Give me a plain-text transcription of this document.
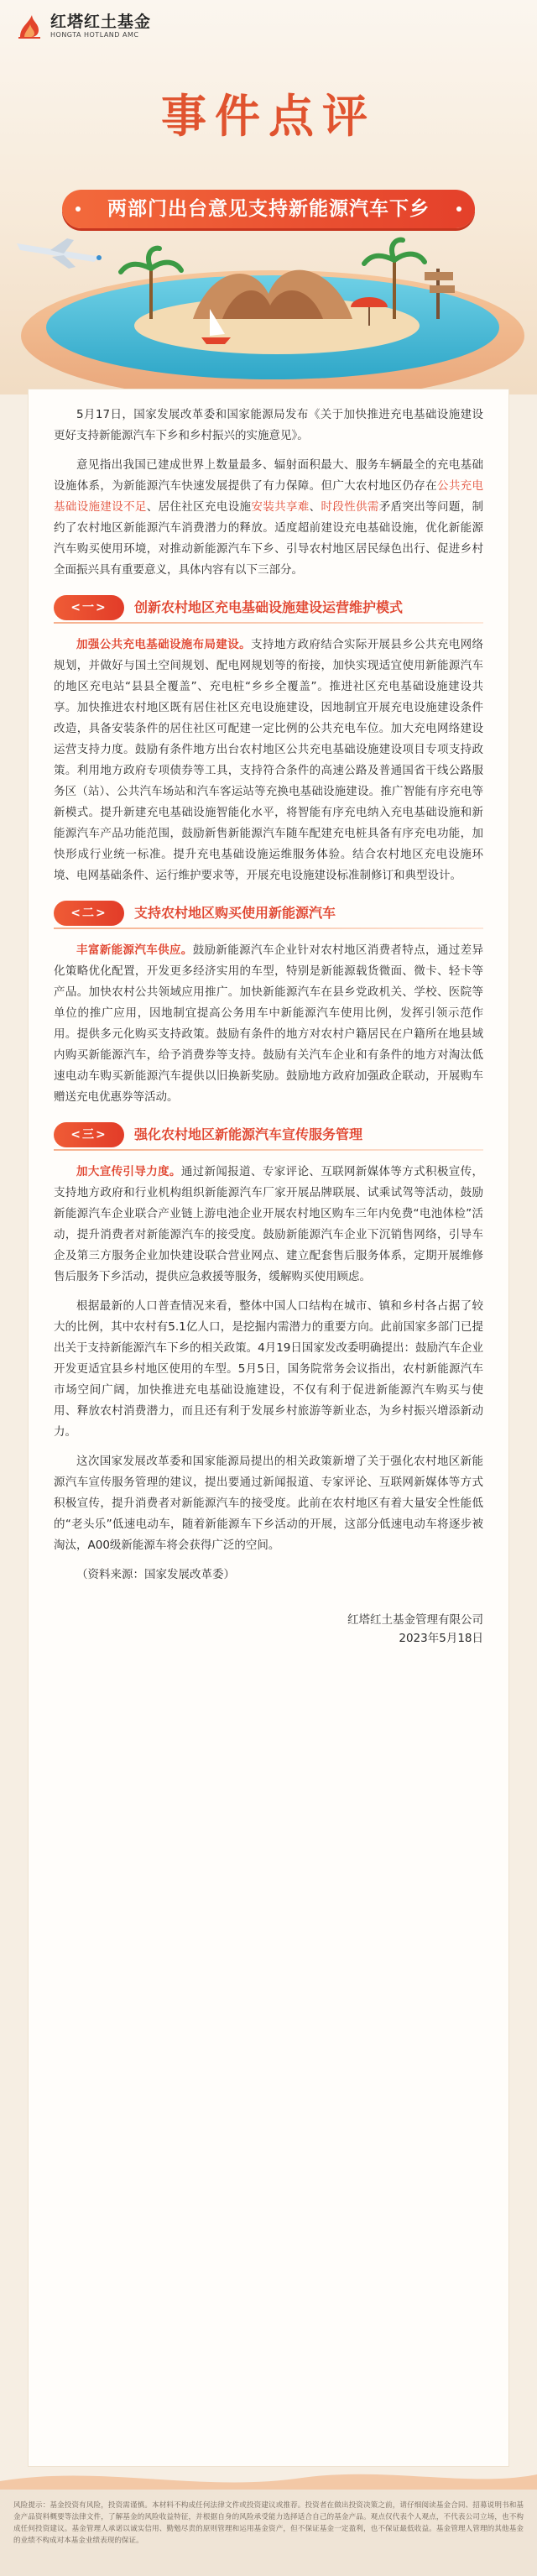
红塔红土基金
HONGTA HOTLAND AMC
事件点评
两部门出台意见支持新能源汽车下乡

5月17日，国家发展改革委和国家能源局发布《关于加快推进充电基础设施建设 更好支持新能源汽车下乡和乡村振兴的实施意见》。

意见指出我国已建成世界上数量最多、辐射面积最大、服务车辆最全的充电基础设施体系，为新能源汽车快速发展提供了有力保障。但广大农村地区仍存在公共充电基础设施建设不足、居住社区充电设施安装共享难、时段性供需矛盾突出等问题，制约了农村地区新能源汽车消费潜力的释放。适度超前建设充电基础设施，优化新能源汽车购买使用环境，对推动新能源汽车下乡、引导农村地区居民绿色出行、促进乡村全面振兴具有重要意义，具体内容有以下三部分。

<一>	创新农村地区充电基础设施建设运营维护模式

加强公共充电基础设施布局建设。支持地方政府结合实际开展县乡公共充电网络规划，并做好与国土空间规划、配电网规划等的衔接，加快实现适宜使用新能源汽车的地区充电站“县县全覆盖”、充电桩“乡乡全覆盖”。推进社区充电基础设施建设共享。加快推进农村地区既有居住社区充电设施建设，因地制宜开展充电设施建设条件改造，具备安装条件的居住社区可配建一定比例的公共充电车位。加大充电网络建设运营支持力度。鼓励有条件地方出台农村地区公共充电基础设施建设项目专项支持政策。利用地方政府专项债券等工具，支持符合条件的高速公路及普通国省干线公路服务区（站）、公共汽车场站和汽车客运站等充换电基础设施建设。推广智能有序充电等新模式。提升新建充电基础设施智能化水平，将智能有序充电纳入充电基础设施和新能源汽车产品功能范围，鼓励新售新能源汽车随车配建充电桩具备有序充电功能，加快形成行业统一标准。提升充电基础设施运维服务体验。结合农村地区充电设施环境、电网基础条件、运行维护要求等，开展充电设施建设标准制修订和典型设计。

<二>	支持农村地区购买使用新能源汽车

丰富新能源汽车供应。鼓励新能源汽车企业针对农村地区消费者特点，通过差异化策略优化配置，开发更多经济实用的车型，特别是新能源载货微面、微卡、轻卡等产品。加快农村公共领域应用推广。加快新能源汽车在县乡党政机关、学校、医院等单位的推广应用，因地制宜提高公务用车中新能源汽车使用比例，发挥引领示范作用。提供多元化购买支持政策。鼓励有条件的地方对农村户籍居民在户籍所在地县域内购买新能源汽车，给予消费券等支持。鼓励有关汽车企业和有条件的地方对淘汰低速电动车购买新能源汽车提供以旧换新奖励。鼓励地方政府加强政企联动，开展购车赠送充电优惠券等活动。

<三>	强化农村地区新能源汽车宣传服务管理

加大宣传引导力度。通过新闻报道、专家评论、互联网新媒体等方式积极宣传，支持地方政府和行业机构组织新能源汽车厂家开展品牌联展、试乘试驾等活动，鼓励新能源汽车企业联合产业链上游电池企业开展农村地区购车三年内免费“电池体检”活动，提升消费者对新能源汽车的接受度。鼓励新能源汽车企业下沉销售网络，引导车企及第三方服务企业加快建设联合营业网点、建立配套售后服务体系，定期开展维修售后服务下乡活动，提供应急救援等服务，缓解购买使用顾虑。

根据最新的人口普查情况来看，整体中国人口结构在城市、镇和乡村各占据了较大的比例，其中农村有5.1亿人口，是挖掘内需潜力的重要方向。此前国家多部门已提出关于支持新能源汽车下乡的相关政策。4月19日国家发改委明确提出：鼓励汽车企业开发更适宜县乡村地区使用的车型。5月5日，国务院常务会议指出，农村新能源汽车市场空间广阔，加快推进充电基础设施建设，不仅有利于促进新能源汽车购买与使用、释放农村消费潜力，而且还有利于发展乡村旅游等新业态，为乡村振兴增添新动力。

这次国家发展改革委和国家能源局提出的相关政策新增了关于强化农村地区新能源汽车宣传服务管理的建议，提出要通过新闻报道、专家评论、互联网新媒体等方式积极宣传，提升消费者对新能源汽车的接受度。此前在农村地区有着大量安全性能低的“老头乐”低速电动车，随着新能源车下乡活动的开展，这部分低速电动车将逐步被淘汰，A00级新能源车将会获得广泛的空间。

（资料来源：国家发展改革委）

红塔红土基金管理有限公司
2023年5月18日
风险提示：基金投资有风险，投资需谨慎。本材料不构成任何法律文件或投资建议或推荐。投资者在做出投资决策之前，请仔细阅读基金合同、招募说明书和基金产品资料概要等法律文件，了解基金的风险收益特征，并根据自身的风险承受能力选择适合自己的基金产品。观点仅代表个人观点，不代表公司立场，也不构成任何投资建议。基金管理人承诺以诚实信用、勤勉尽责的原则管理和运用基金资产，但不保证基金一定盈利，也不保证最低收益。基金管理人管理的其他基金的业绩不构成对本基金业绩表现的保证。
